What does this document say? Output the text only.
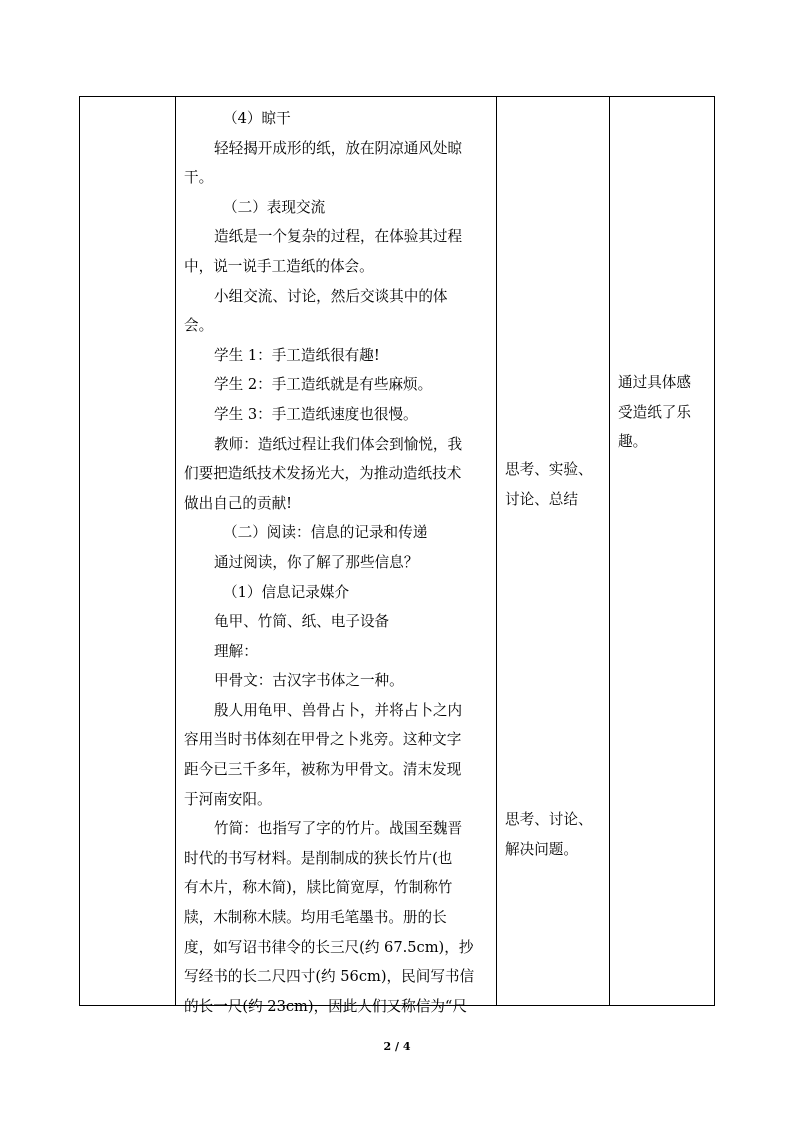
（4）晾干
轻轻揭开成形的纸，放在阴凉通风处晾
干。
（二）表现交流
造纸是一个复杂的过程，在体验其过程
中，说一说手工造纸的体会。
小组交流、讨论，然后交谈其中的体
会。
学生 1：手工造纸很有趣!
学生 2：手工造纸就是有些麻烦。
学生 3：手工造纸速度也很慢。
教师：造纸过程让我们体会到愉悦，我
们要把造纸技术发扬光大，为推动造纸技术
做出自己的贡献!
（二）阅读：信息的记录和传递
通过阅读，你了解了那些信息？
（1）信息记录媒介
龟甲、竹简、纸、电子设备
理解：
甲骨文：古汉字书体之一种。
殷人用龟甲、兽骨占卜，并将占卜之内
容用当时书体刻在甲骨之卜兆旁。这种文字
距今已三千多年，被称为甲骨文。清末发现
于河南安阳。
竹简：也指写了字的竹片。战国至魏晋
时代的书写材料。是削制成的狭长竹片(也
有木片，称木简)，牍比简宽厚，竹制称竹
牍，木制称木牍。均用毛笔墨书。册的长
度，如写诏书律令的长三尺(约 67.5cm)，抄
写经书的长二尺四寸(约 56cm)，民间写书信
的长一尺(约 23cm)，因此人们又称信为“尺
思考、实验、
讨论、总结
思考、讨论、
解决问题。
通过具体感
受造纸了乐
趣。
2 / 4
